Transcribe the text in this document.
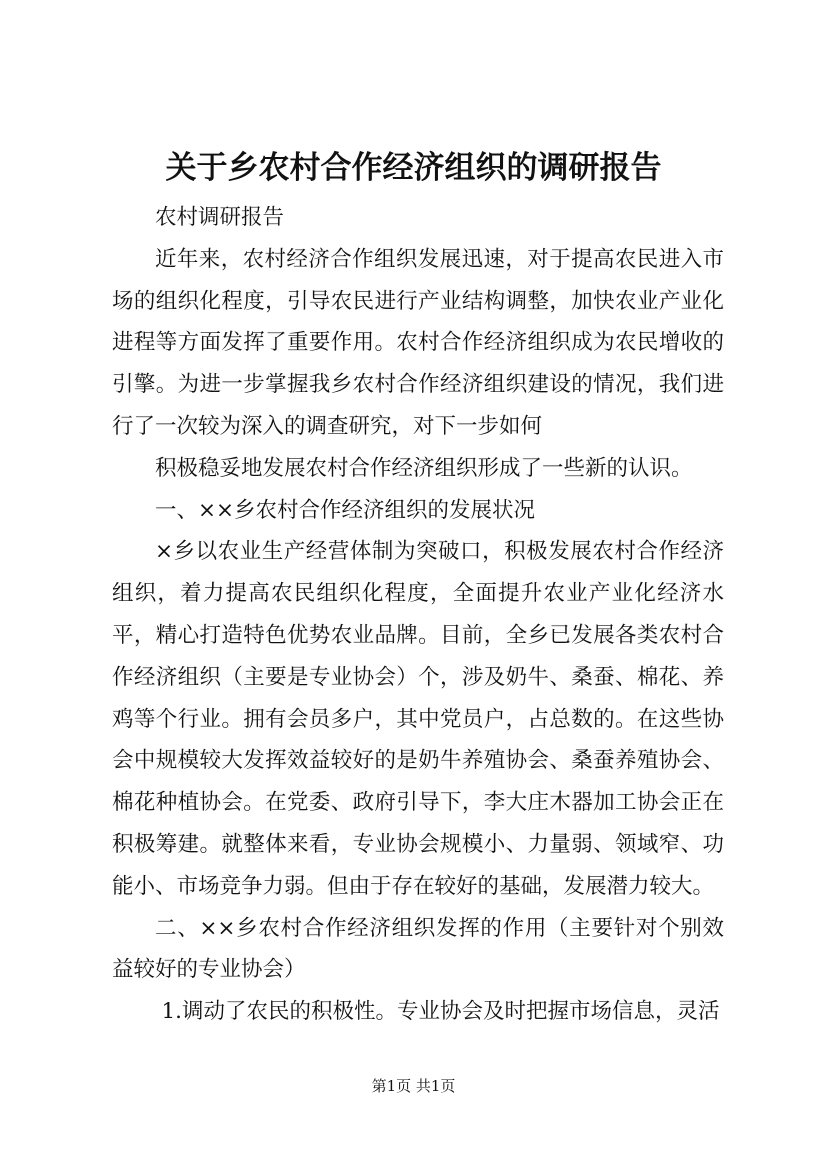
关于乡农村合作经济组织的调研报告

农村调研报告

近年来，农村经济合作组织发展迅速，对于提高农民进入市场的组织化程度，引导农民进行产业结构调整，加快农业产业化进程等方面发挥了重要作用。农村合作经济组织成为农民增收的引擎。为进一步掌握我乡农村合作经济组织建设的情况，我们进行了一次较为深入的调查研究，对下一步如何

积极稳妥地发展农村合作经济组织形成了一些新的认识。

一、××乡农村合作经济组织的发展状况

×乡以农业生产经营体制为突破口，积极发展农村合作经济组织，着力提高农民组织化程度，全面提升农业产业化经济水平，精心打造特色优势农业品牌。目前，全乡已发展各类农村合作经济组织（主要是专业协会）个，涉及奶牛、桑蚕、棉花、养鸡等个行业。拥有会员多户，其中党员户，占总数的。在这些协会中规模较大发挥效益较好的是奶牛养殖协会、桑蚕养殖协会、棉花种植协会。在党委、政府引导下，李大庄木器加工协会正在积极筹建。就整体来看，专业协会规模小、力量弱、领域窄、功能小、市场竞争力弱。但由于存在较好的基础，发展潜力较大。

二、××乡农村合作经济组织发挥的作用（主要针对个别效益较好的专业协会）

1.调动了农民的积极性。专业协会及时把握市场信息，灵活

第1页 共1页
